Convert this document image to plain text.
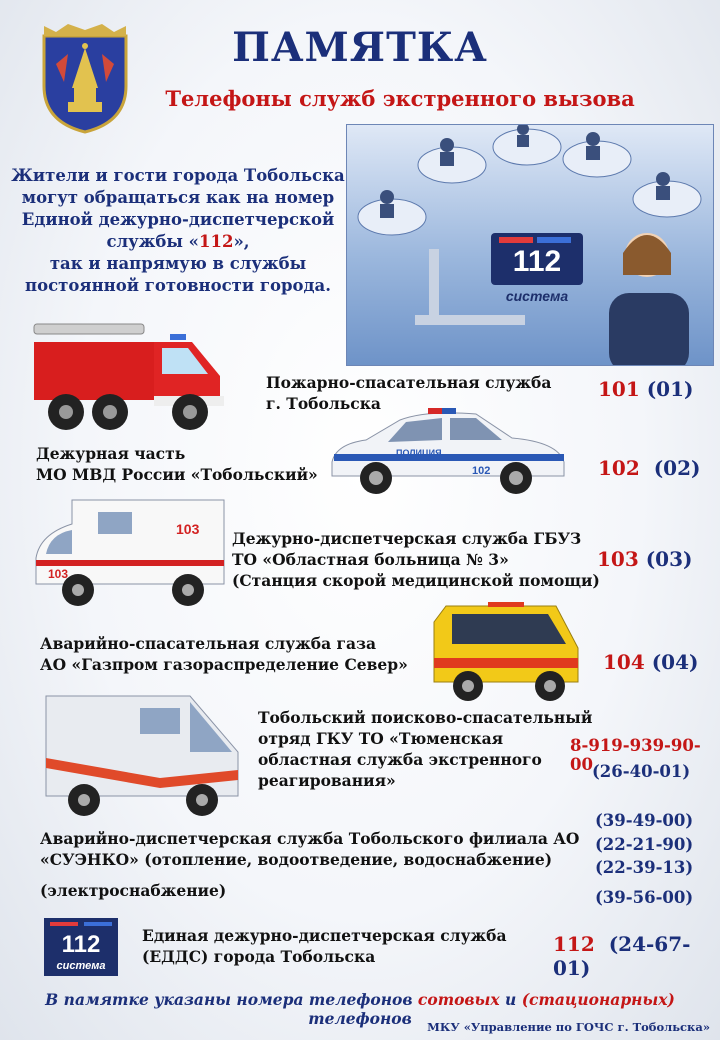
ПАМЯТКА
Телефоны служб экстренного вызова
Жители и гости города Тобольска
могут обращаться как на номер
Единой дежурно-диспетчерской
службы «112»,
так и напрямую в службы
постоянной готовности города.
112
система
Пожарно-спасательная служба
г. Тобольска
101 (01)
ПОЛИЦИЯ
102
Дежурная часть
МО МВД России «Тобольский»	102 (02)
103
103 Дежурно-диспетчерская служба ГБУЗ
ТО «Областная больница № 3»
(Станция скорой медицинской помощи)
103 (03)
Аварийно-спасательная служба газа
АО «Газпром газораспределение Север»	104 (04)
Тобольский поисково-спасательный
отряд ГКУ ТО «Тюменская
областная служба экстренного
реагирования»
8-919-939-90-00 (26-40-01)
Аварийно-диспетчерская служба Тобольского филиала АО
«СУЭНКО» (отопление, водоотведение, водоснабжение)
(электроснабжение)
(39-49-00)
(22-21-90)
(22-39-13)
(39-56-00)
112
система
Единая дежурно-диспетчерская служба
(ЕДДС) города Тобольска
112 (24-67-01)
В памятке указаны номера телефонов сотовых и (стационарных) телефонов	МКУ «Управление по ГОЧС г. Тобольска»
